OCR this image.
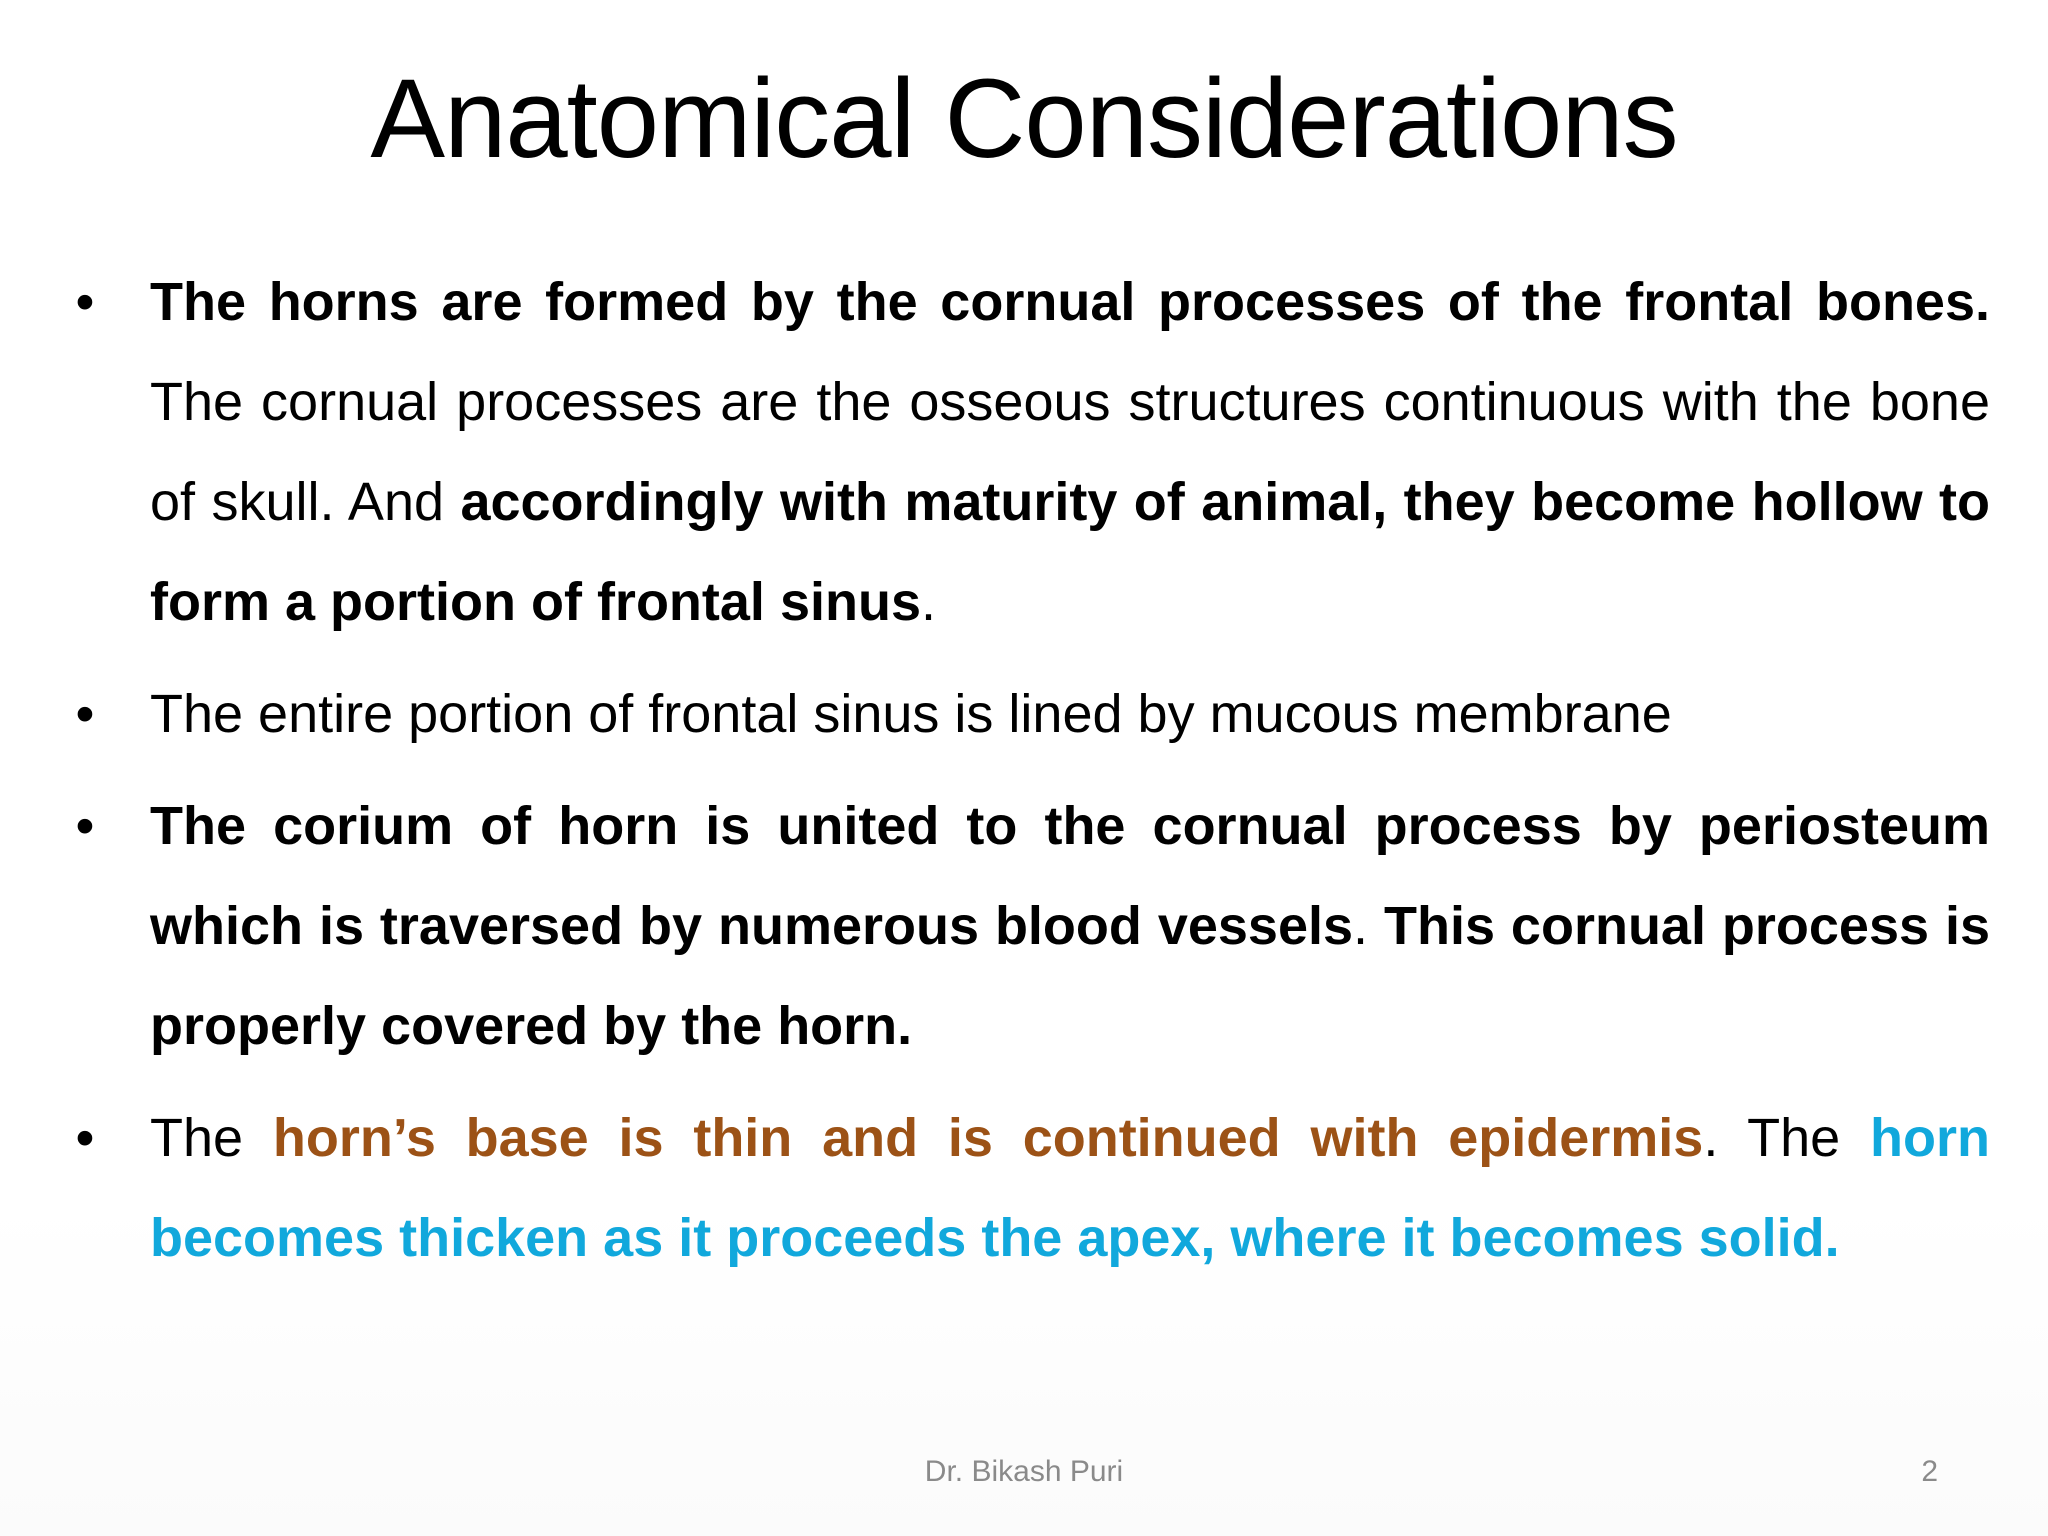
Anatomical Considerations
• The horns are formed by the cornual processes of the frontal bones. The cornual processes are the osseous structures continuous with the bone of skull. And accordingly with maturity of animal, they become hollow to form a portion of frontal sinus.
• The entire portion of frontal sinus is lined by mucous membrane
• The corium of horn is united to the cornual process by periosteum which is traversed by numerous blood vessels. This cornual process is properly covered by the horn.
• The horn’s base is thin and is continued with epidermis. The horn becomes thicken as it proceeds the apex, where it becomes solid.
Dr. Bikash Puri	2
